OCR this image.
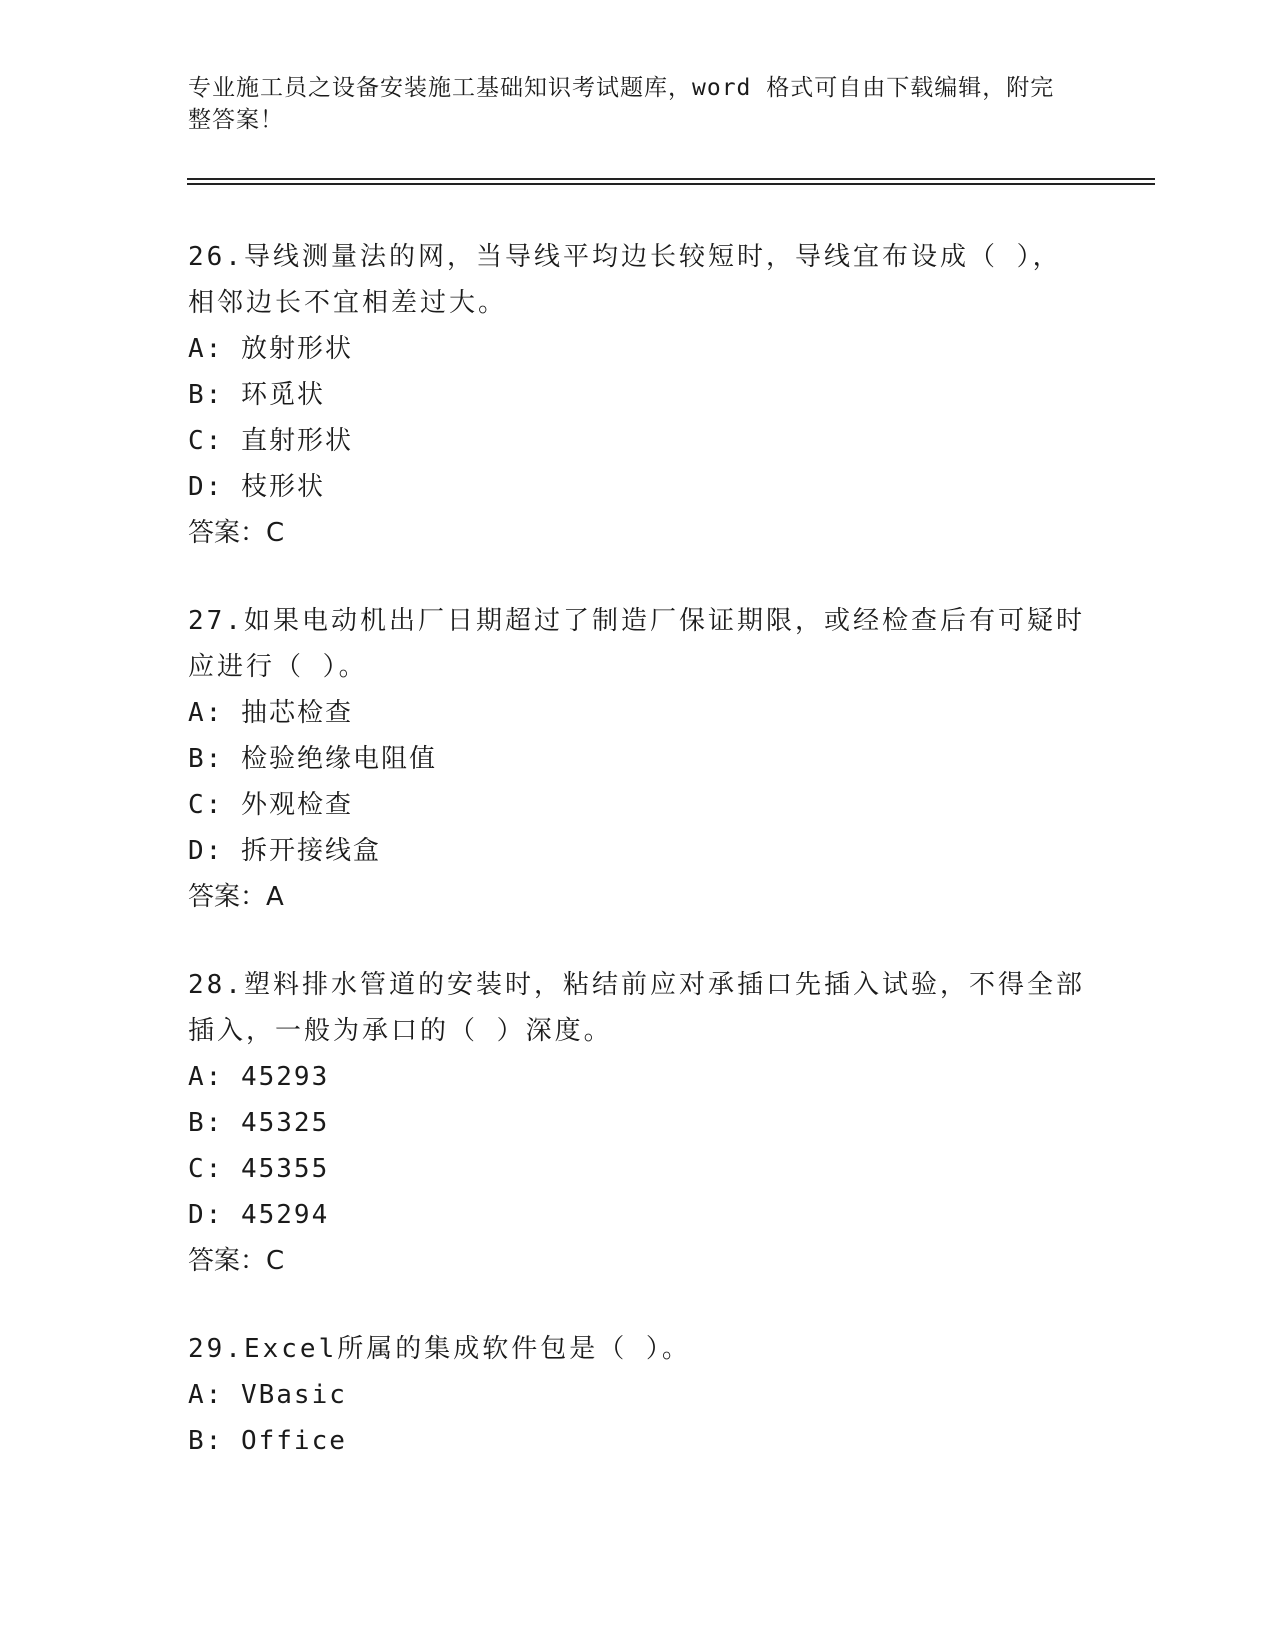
专业施工员之设备安装施工基础知识考试题库，word 格式可自由下载编辑，附完整答案！
26.导线测量法的网，当导线平均边长较短时，导线宜布设成（ ），相邻边长不宜相差过大。
A: 放射形状
B: 环觅状
C: 直射形状
D: 枝形状
答案：C
27.如果电动机出厂日期超过了制造厂保证期限，或经检查后有可疑时应进行（ ）。
A: 抽芯检查
B: 检验绝缘电阻值
C: 外观检查
D: 拆开接线盒
答案：A
28.塑料排水管道的安装时，粘结前应对承插口先插入试验，不得全部插入，一般为承口的（ ）深度。
A: 45293
B: 45325
C: 45355
D: 45294
答案：C
29.Excel所属的集成软件包是（ ）。
A: VBasic
B: Office
